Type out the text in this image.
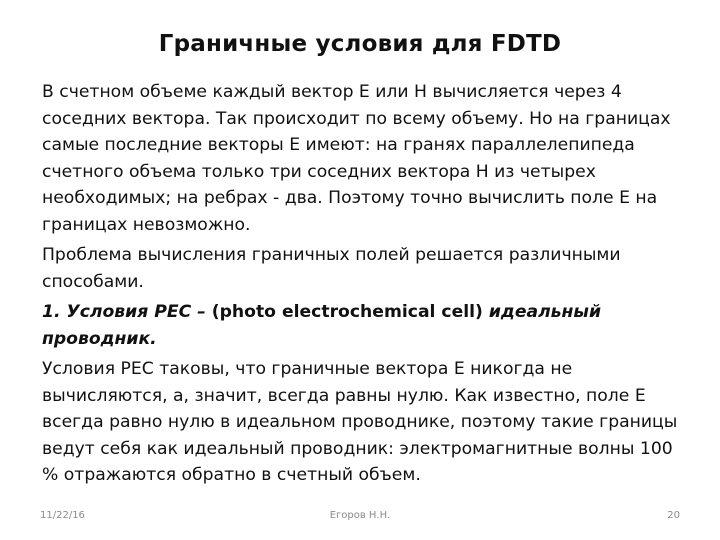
Граничные условия для FDTD

В счетном объеме каждый вектор E или H вычисляется через 4 соседних вектора. Так происходит по всему объему. Но на границах самые последние векторы E имеют: на гранях параллелепипеда счетного объема только три соседних вектора H из четырех необходимых; на ребрах - два. Поэтому точно вычислить поле E на границах невозможно.

Проблема вычисления граничных полей решается различными способами.

1. Условия PEC – (photo electrochemical cell) идеальный проводник.

Условия PEC таковы, что граничные вектора E никогда не вычисляются, а, значит, всегда равны нулю. Как известно, поле E всегда равно нулю в идеальном проводнике, поэтому такие границы ведут себя как идеальный проводник: электромагнитные волны 100 % отражаются обратно в счетный объем.

11/22/16	Егоров Н.Н.	20
